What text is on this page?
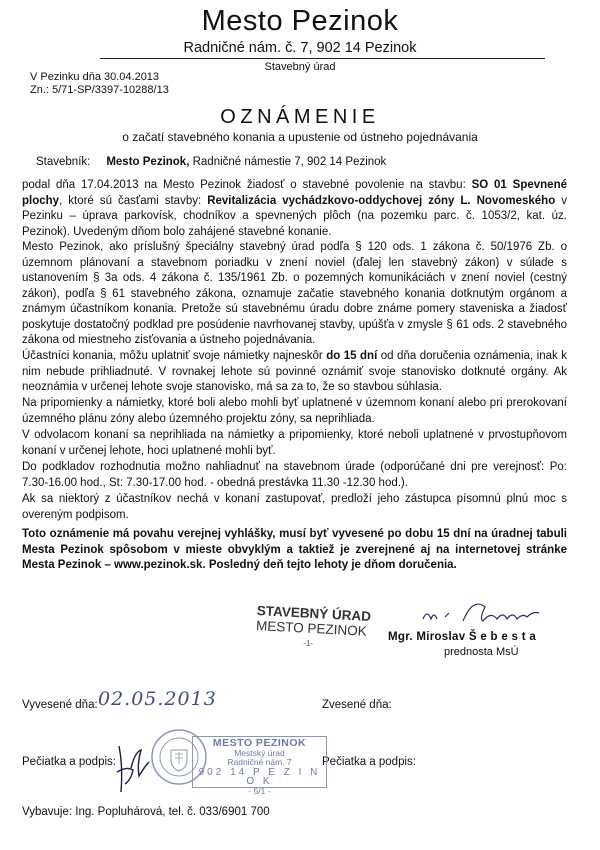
Mesto Pezinok
Radničné nám. č. 7, 902 14 Pezinok
Stavebný úrad
V Pezinku dňa 30.04.2013
Zn.: 5/71-SP/3397-10288/13
OZNÁMENIE
o začatí stavebného konania a upustenie od ústneho pojednávania
Stavebník: Mesto Pezinok, Radničné námestie 7, 902 14 Pezinok
podal dňa 17.04.2013 na Mesto Pezinok žiadosť o stavebné povolenie na stavbu: SO 01 Spevnené plochy, ktoré sú časťami stavby: Revitalizácia vychádzkovo-oddychovej zóny L. Novomeského v Pezinku – úprava parkovísk, chodníkov a spevnených plôch (na pozemku parc. č. 1053/2, kat. úz. Pezinok). Uvedeným dňom bolo zahájené stavebné konanie.
Mesto Pezinok, ako príslušný špeciálny stavebný úrad podľa § 120 ods. 1 zákona č. 50/1976 Zb. o územnom plánovaní a stavebnom poriadku v znení noviel (ďalej len stavebný zákon) v súlade s ustanovením § 3a ods. 4 zákona č. 135/1961 Zb. o pozemných komunikáciách v znení noviel (cestný zákon), podľa § 61 stavebného zákona, oznamuje začatie stavebného konania dotknutým orgánom a známym účastníkom konania. Pretože sú stavebnému úradu dobre známe pomery staveniska a žiadosť poskytuje dostatočný podklad pre posúdenie navrhovanej stavby, upúšťa v zmysle § 61 ods. 2 stavebného zákona od miestneho zisťovania a ústneho pojednávania.
Účastníci konania, môžu uplatniť svoje námietky najneskôr do 15 dní od dňa doručenia oznámenia, inak k nim nebude prihliadnuté. V rovnakej lehote sú povinné oznámiť svoje stanovisko dotknuté orgány. Ak neoznámia v určenej lehote svoje stanovisko, má sa za to, že so stavbou súhlasia.
Na pripomienky a námietky, ktoré boli alebo mohli byť uplatnené v územnom konaní alebo pri prerokovaní územného plánu zóny alebo územného projektu zóny, sa neprihliada.
V odvolacom konaní sa neprihliada na námietky a pripomienky, ktoré neboli uplatnené v prvostupňovom konaní v určenej lehote, hoci uplatnené mohli byť.
Do podkladov rozhodnutia možno nahliadnuť na stavebnom úrade (odporúčané dni pre verejnosť: Po: 7.30-16.00 hod., St: 7.30-17.00 hod. - obedná prestávka 11.30 -12.30 hod.).
Ak sa niektorý z účastníkov nechá v konaní zastupovať, predloží jeho zástupca písomnú plnú moc s overeným podpisom.
Toto oznámenie má povahu verejnej vyhlášky, musí byť vyvesené po dobu 15 dní na úradnej tabuli Mesta Pezinok spôsobom v mieste obvyklým a taktiež je zverejnené aj na internetovej stránke Mesta Pezinok – www.pezinok.sk. Posledný deň tejto lehoty je dňom doručenia.
STAVEBNÝ ÚRAD
MESTO PEZINOK
-1-
Mgr. Miroslav Š e b e s t a
prednosta MsÚ
Vyvesené dňa: 02.05.2013	Zvesené dňa:
Pečiatka a podpis:	Pečiatka a podpis:
MESTO PEZINOK
Mestský úrad
Radničné nám. 7
902 14 P E Z I N O K
- 5/1 -
Vybavuje: Ing. Popluhárová, tel. č. 033/6901 700
